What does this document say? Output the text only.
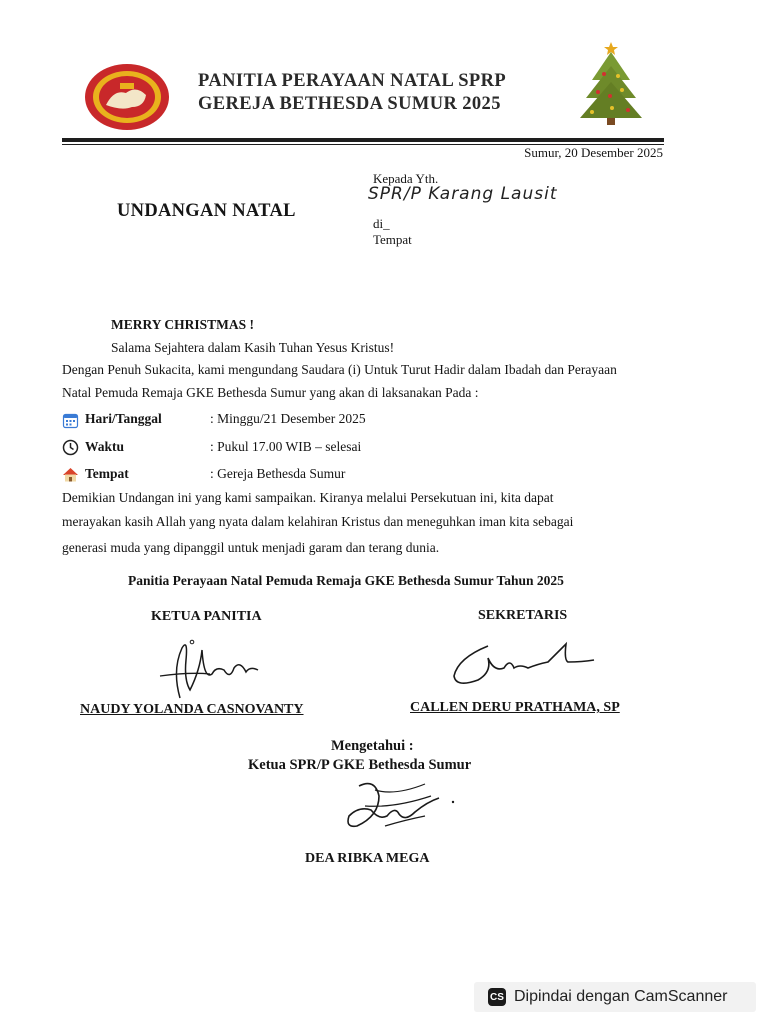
PANITIA PERAYAAN NATAL SPRP
GEREJA BETHESDA SUMUR 2025
Sumur, 20 Desember 2025
Kepada Yth.
SPR/P Karang Lausit
di_
Tempat
UNDANGAN NATAL
MERRY CHRISTMAS !
Salama Sejahtera dalam Kasih Tuhan Yesus Kristus!
Dengan Penuh Sukacita, kami mengundang Saudara (i) Untuk Turut Hadir dalam Ibadah dan Perayaan
Natal Pemuda Remaja GKE Bethesda Sumur yang akan di laksanakan Pada :
Hari/Tanggal	: Minggu/21 Desember 2025
Waktu	: Pukul 17.00 WIB – selesai
Tempat	: Gereja Bethesda Sumur
Demikian Undangan ini yang kami sampaikan. Kiranya melalui Persekutuan ini, kita dapat
merayakan kasih Allah yang nyata dalam kelahiran Kristus dan meneguhkan iman kita sebagai
generasi muda yang dipanggil untuk menjadi garam dan terang dunia.
Panitia Perayaan Natal Pemuda Remaja GKE Bethesda Sumur Tahun 2025
KETUA PANITIA
NAUDY YOLANDA CASNOVANTY
SEKRETARIS
CALLEN DERU PRATHAMA, SP
Mengetahui :
Ketua SPR/P GKE Bethesda Sumur
DEA RIBKA MEGA
CS Dipindai dengan CamScanner
